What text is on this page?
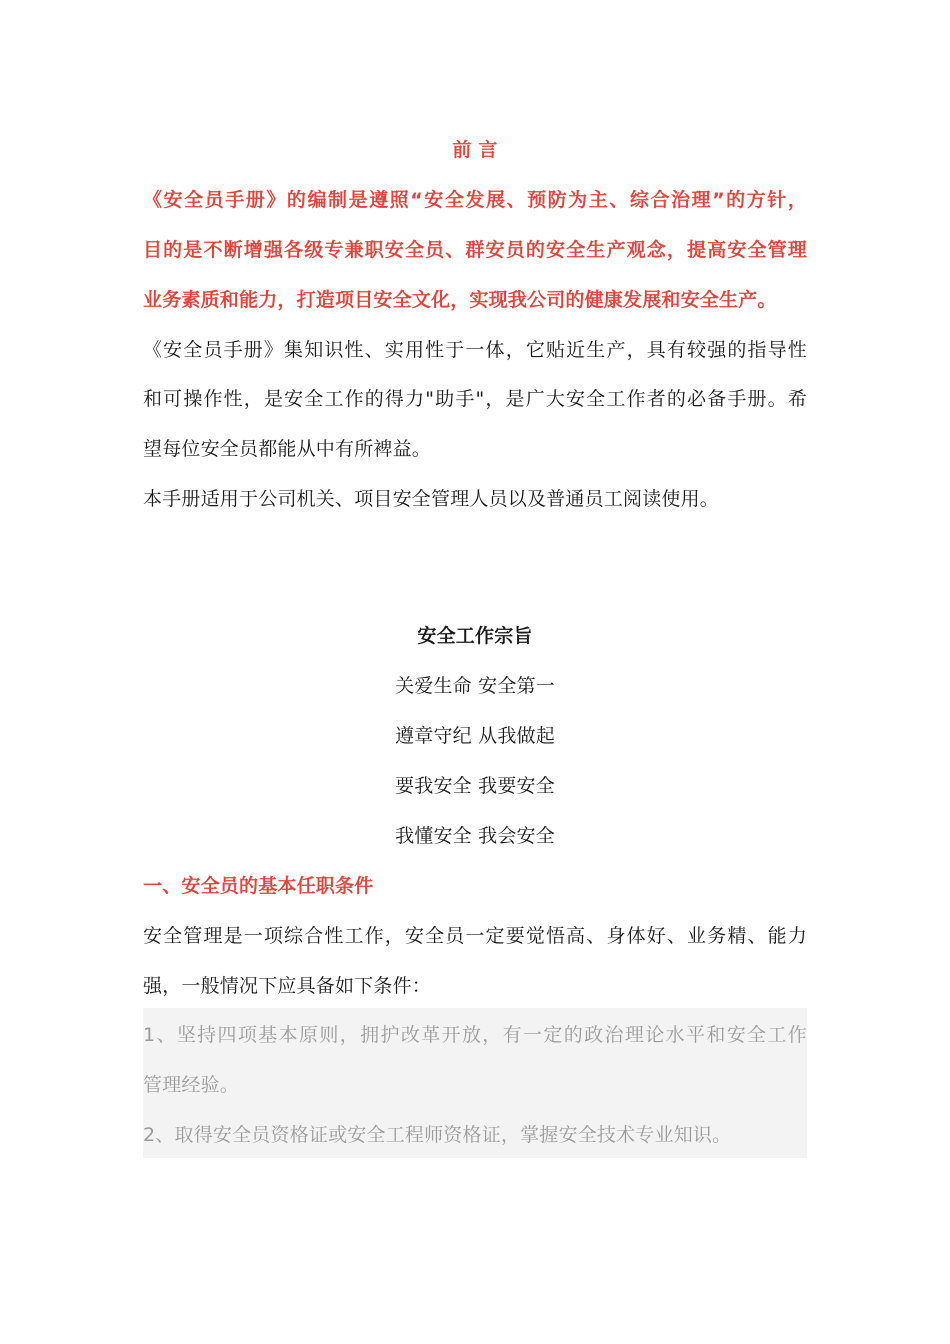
前 言
《安全员手册》的编制是遵照“安全发展、预防为主、综合治理”的方针，
目的是不断增强各级专兼职安全员、群安员的安全生产观念，提高安全管理
业务素质和能力，打造项目安全文化，实现我公司的健康发展和安全生产。
《安全员手册》集知识性、实用性于一体，它贴近生产，具有较强的指导性
和可操作性，是安全工作的得力"助手"，是广大安全工作者的必备手册。希
望每位安全员都能从中有所裨益。
本手册适用于公司机关、项目安全管理人员以及普通员工阅读使用。
安全工作宗旨
关爱生命 安全第一
遵章守纪 从我做起
要我安全 我要安全
我懂安全 我会安全
一、安全员的基本任职条件
安全管理是一项综合性工作，安全员一定要觉悟高、身体好、业务精、能力
强，一般情况下应具备如下条件：
1、坚持四项基本原则，拥护改革开放，有一定的政治理论水平和安全工作
管理经验。
2、取得安全员资格证或安全工程师资格证，掌握安全技术专业知识。
